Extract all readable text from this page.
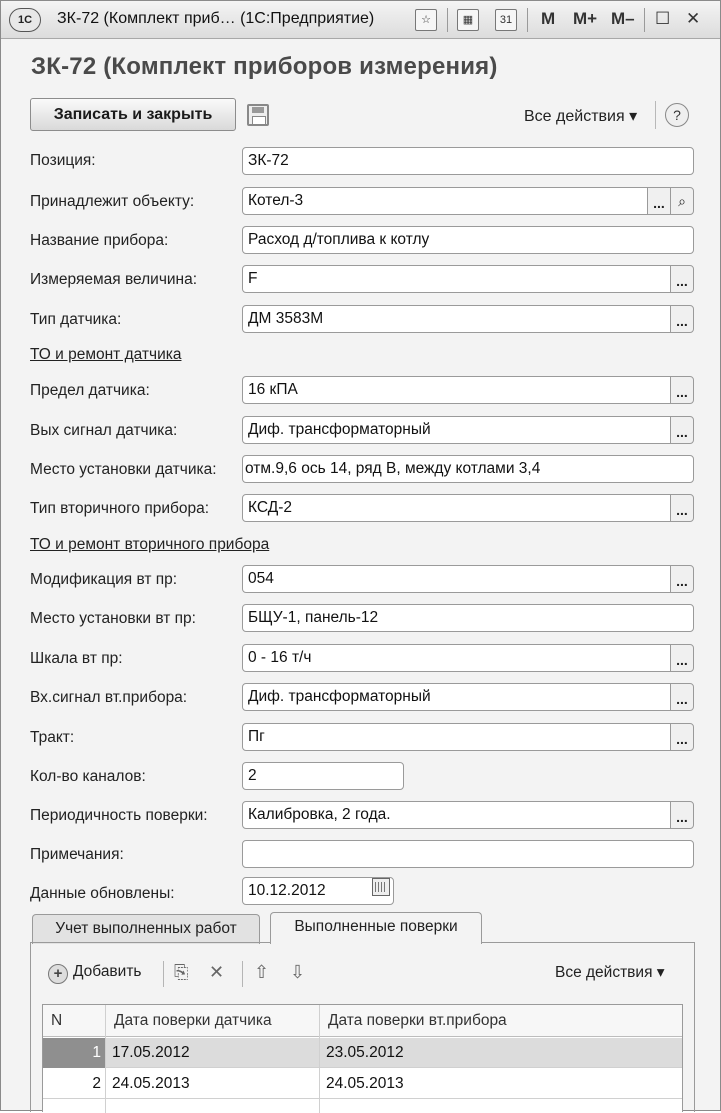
1С	ЗК-72 (Комплект приб… (1С:Предприятие)	☆	▦	31 M M+ M– ☐ ✕
ЗК-72 (Комплект приборов измерения)
Записать и закрыть	Все действия ▾	?
Позиция:	ЗК-72
Принадлежит объекту:	Котел-3	... ⌕
Название прибора:	Расход д/топлива к котлу
Измеряемая величина:	F	...
Тип датчика:	ДМ 3583М	...
ТО и ремонт датчика
Предел датчика:	16 кПА	...
Вых сигнал датчика:	Диф. трансформаторный	...
Место установки датчика: отм.9,6 ось 14, ряд В, между котлами 3,4
Тип вторичного прибора:	КСД-2	...
ТО и ремонт вторичного прибора
Модификация вт пр:	054	...
Место установки вт пр:	БЩУ-1, панель-12
Шкала вт пр:	0 - 16 т/ч	...
Вх.сигнал вт.прибора:	Диф. трансформаторный	...
Тракт:	Пг	...
Кол-во каналов:	2
Периодичность поверки:	Калибровка, 2 года.	...
Примечания:
Данные обновлены:	10.12.2012
Учет выполненных работ	Выполненные поверки
+ Добавить ⎘ ✕ ⇧ ⇩	Все действия ▾
N	Дата поверки датчика	Дата поверки вт.прибора
1 17.05.2012	23.05.2012
2 24.05.2013	24.05.2013
